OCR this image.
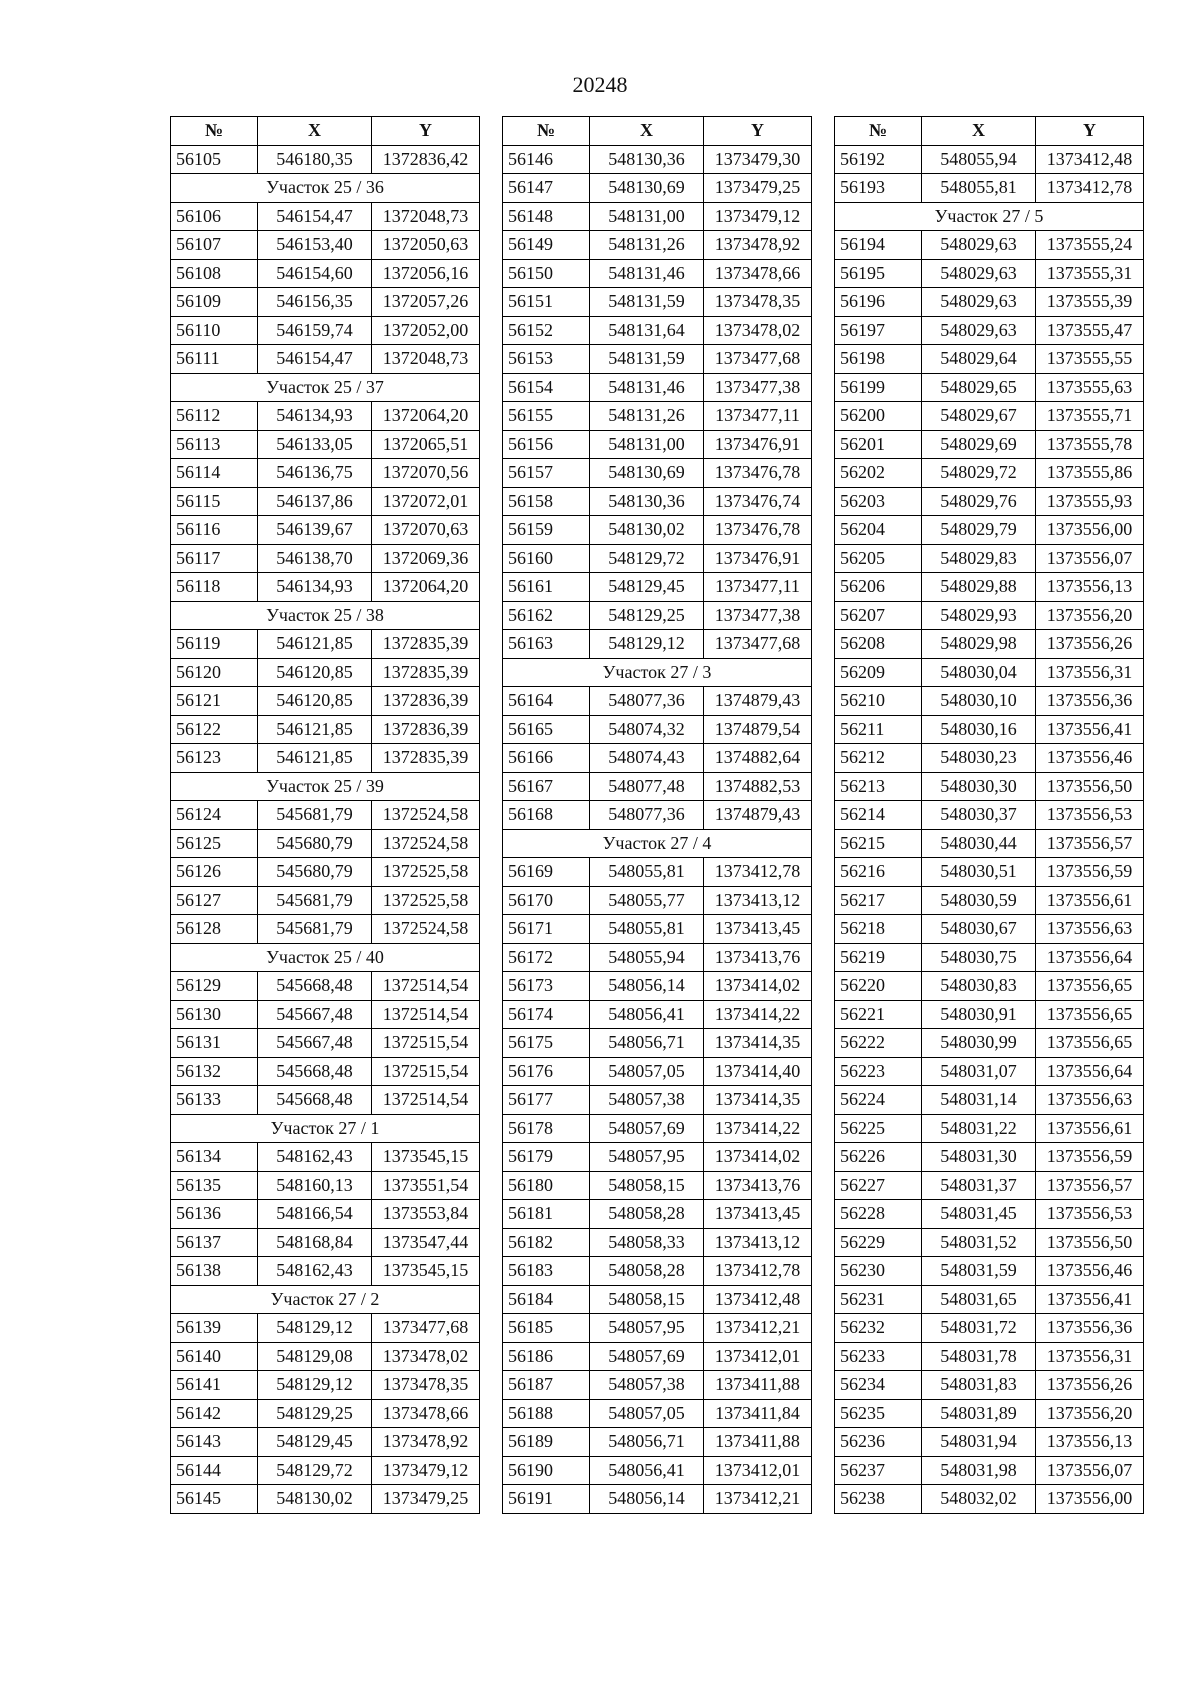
20248
№	X	Y
56105	546180,35	1372836,42
Участок 25 / 36		
56106	546154,47	1372048,73
56107	546153,40	1372050,63
56108	546154,60	1372056,16
56109	546156,35	1372057,26
56110	546159,74	1372052,00
56111	546154,47	1372048,73
Участок 25 / 37		
56112	546134,93	1372064,20
56113	546133,05	1372065,51
56114	546136,75	1372070,56
56115	546137,86	1372072,01
56116	546139,67	1372070,63
56117	546138,70	1372069,36
56118	546134,93	1372064,20
Участок 25 / 38		
56119	546121,85	1372835,39
56120	546120,85	1372835,39
56121	546120,85	1372836,39
56122	546121,85	1372836,39
56123	546121,85	1372835,39
Участок 25 / 39		
56124	545681,79	1372524,58
56125	545680,79	1372524,58
56126	545680,79	1372525,58
56127	545681,79	1372525,58
56128	545681,79	1372524,58
Участок 25 / 40		
56129	545668,48	1372514,54
56130	545667,48	1372514,54
56131	545667,48	1372515,54
56132	545668,48	1372515,54
56133	545668,48	1372514,54
Участок 27 / 1		
56134	548162,43	1373545,15
56135	548160,13	1373551,54
56136	548166,54	1373553,84
56137	548168,84	1373547,44
56138	548162,43	1373545,15
Участок 27 / 2		
56139	548129,12	1373477,68
56140	548129,08	1373478,02
56141	548129,12	1373478,35
56142	548129,25	1373478,66
56143	548129,45	1373478,92
56144	548129,72	1373479,12
56145	548130,02	1373479,25
№	X	Y
56146	548130,36	1373479,30
56147	548130,69	1373479,25
56148	548131,00	1373479,12
56149	548131,26	1373478,92
56150	548131,46	1373478,66
56151	548131,59	1373478,35
56152	548131,64	1373478,02
56153	548131,59	1373477,68
56154	548131,46	1373477,38
56155	548131,26	1373477,11
56156	548131,00	1373476,91
56157	548130,69	1373476,78
56158	548130,36	1373476,74
56159	548130,02	1373476,78
56160	548129,72	1373476,91
56161	548129,45	1373477,11
56162	548129,25	1373477,38
56163	548129,12	1373477,68
Участок 27 / 3		
56164	548077,36	1374879,43
56165	548074,32	1374879,54
56166	548074,43	1374882,64
56167	548077,48	1374882,53
56168	548077,36	1374879,43
Участок 27 / 4		
56169	548055,81	1373412,78
56170	548055,77	1373413,12
56171	548055,81	1373413,45
56172	548055,94	1373413,76
56173	548056,14	1373414,02
56174	548056,41	1373414,22
56175	548056,71	1373414,35
56176	548057,05	1373414,40
56177	548057,38	1373414,35
56178	548057,69	1373414,22
56179	548057,95	1373414,02
56180	548058,15	1373413,76
56181	548058,28	1373413,45
56182	548058,33	1373413,12
56183	548058,28	1373412,78
56184	548058,15	1373412,48
56185	548057,95	1373412,21
56186	548057,69	1373412,01
56187	548057,38	1373411,88
56188	548057,05	1373411,84
56189	548056,71	1373411,88
56190	548056,41	1373412,01
56191	548056,14	1373412,21
№	X	Y
56192	548055,94	1373412,48
56193	548055,81	1373412,78
Участок 27 / 5		
56194	548029,63	1373555,24
56195	548029,63	1373555,31
56196	548029,63	1373555,39
56197	548029,63	1373555,47
56198	548029,64	1373555,55
56199	548029,65	1373555,63
56200	548029,67	1373555,71
56201	548029,69	1373555,78
56202	548029,72	1373555,86
56203	548029,76	1373555,93
56204	548029,79	1373556,00
56205	548029,83	1373556,07
56206	548029,88	1373556,13
56207	548029,93	1373556,20
56208	548029,98	1373556,26
56209	548030,04	1373556,31
56210	548030,10	1373556,36
56211	548030,16	1373556,41
56212	548030,23	1373556,46
56213	548030,30	1373556,50
56214	548030,37	1373556,53
56215	548030,44	1373556,57
56216	548030,51	1373556,59
56217	548030,59	1373556,61
56218	548030,67	1373556,63
56219	548030,75	1373556,64
56220	548030,83	1373556,65
56221	548030,91	1373556,65
56222	548030,99	1373556,65
56223	548031,07	1373556,64
56224	548031,14	1373556,63
56225	548031,22	1373556,61
56226	548031,30	1373556,59
56227	548031,37	1373556,57
56228	548031,45	1373556,53
56229	548031,52	1373556,50
56230	548031,59	1373556,46
56231	548031,65	1373556,41
56232	548031,72	1373556,36
56233	548031,78	1373556,31
56234	548031,83	1373556,26
56235	548031,89	1373556,20
56236	548031,94	1373556,13
56237	548031,98	1373556,07
56238	548032,02	1373556,00
